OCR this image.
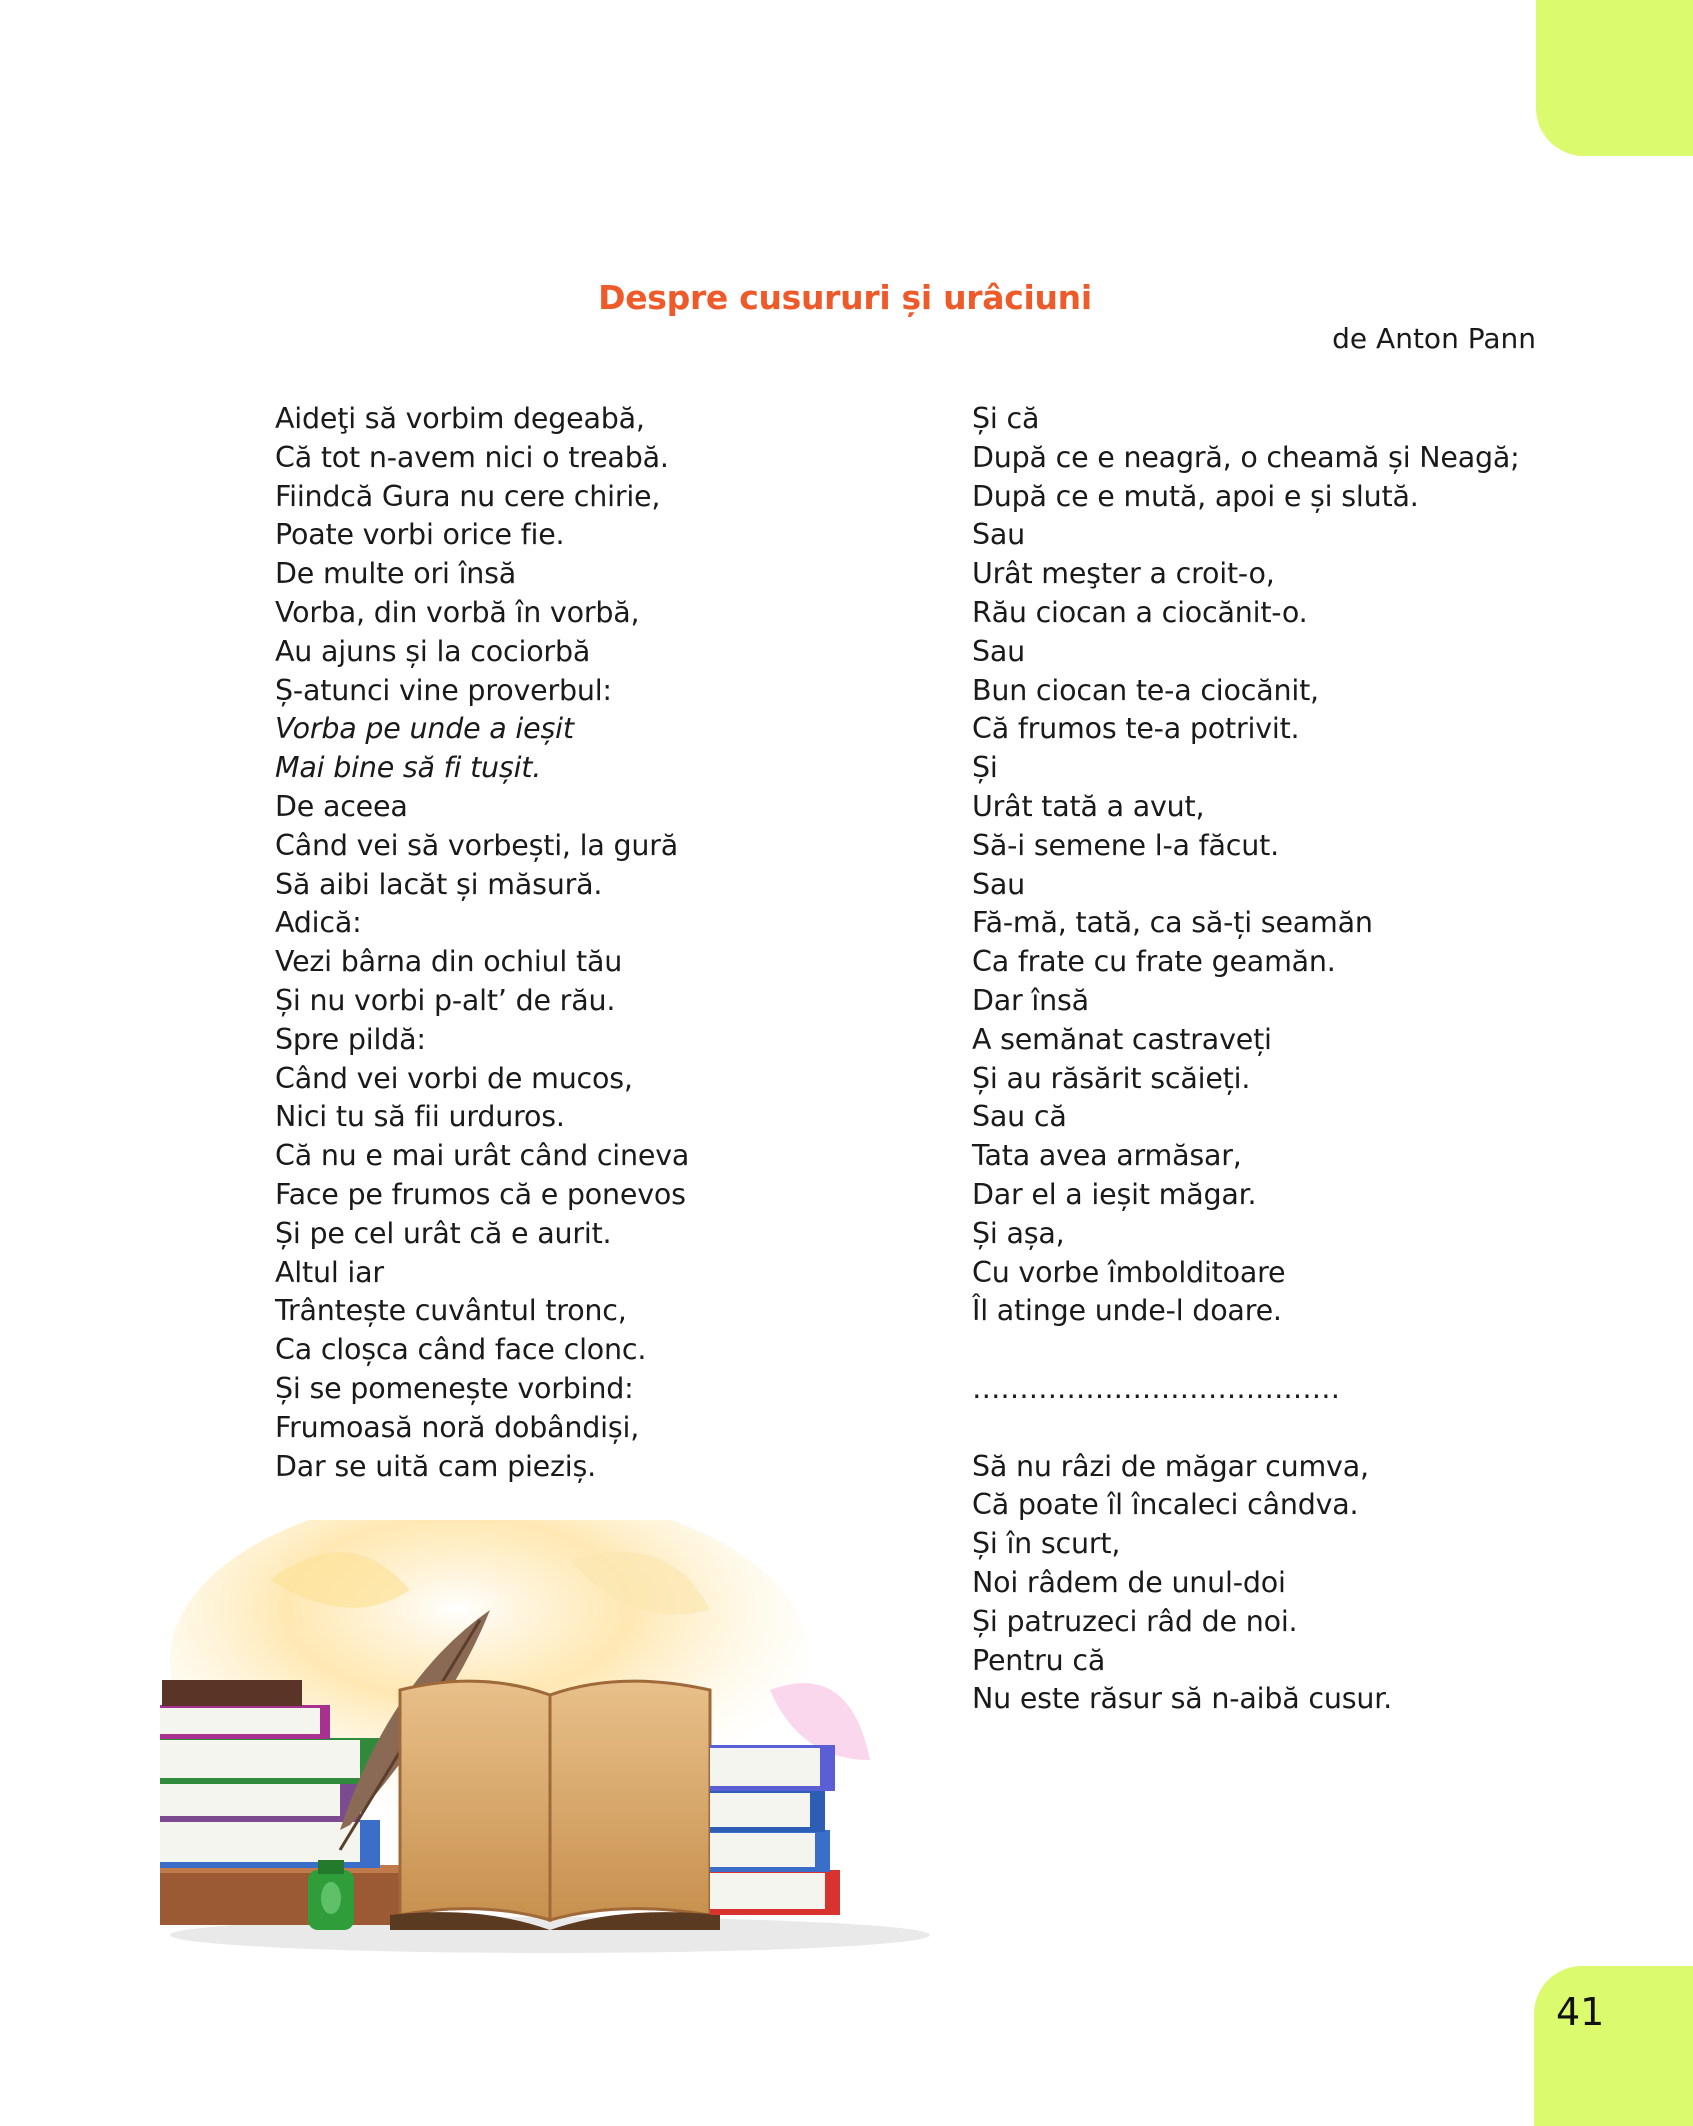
Despre cusururi și urâciuni
de Anton Pann
Aideţi să vorbim degeabă,
Că tot n-avem nici o treabă.
Fiindcă Gura nu cere chirie,
Poate vorbi orice fie.
De multe ori însă
Vorba, din vorbă în vorbă,
Au ajuns și la cociorbă
Ș-atunci vine proverbul:
Vorba pe unde a ieșit
Mai bine să fi tușit.
De aceea
Când vei să vorbești, la gură
Să aibi lacăt și măsură.
Adică:
Vezi bârna din ochiul tău
Și nu vorbi p-alt’ de rău.
Spre pildă:
Când vei vorbi de mucos,
Nici tu să fii urduros.
Că nu e mai urât când cineva
Face pe frumos că e ponevos
Și pe cel urât că e aurit.
Altul iar
Trântește cuvântul tronc,
Ca cloșca când face clonc.
Și se pomenește vorbind:
Frumoasă noră dobândiși,
Dar se uită cam pieziș.
Și că
După ce e neagră, o cheamă și Neagă;
După ce e mută, apoi e și slută.
Sau
Urât meşter a croit-o,
Rău ciocan a ciocănit-o.
Sau
Bun ciocan te-a ciocănit,
Că frumos te-a potrivit.
Și
Urât tată a avut,
Să-i semene l-a făcut.
Sau
Fă-mă, tată, ca să-ți seamăn
Ca frate cu frate geamăn.
Dar însă
A semănat castraveți
Și au răsărit scăieți.
Sau că
Tata avea armăsar,
Dar el a ieșit măgar.
Și așa,
Cu vorbe îmbolditoare
Îl atinge unde-l doare.
…………………………………
Să nu râzi de măgar cumva,
Că poate îl încaleci cândva.
Și în scurt,
Noi râdem de unul-doi
Și patruzeci râd de noi.
Pentru că
Nu este răsur să n-aibă cusur.
41
